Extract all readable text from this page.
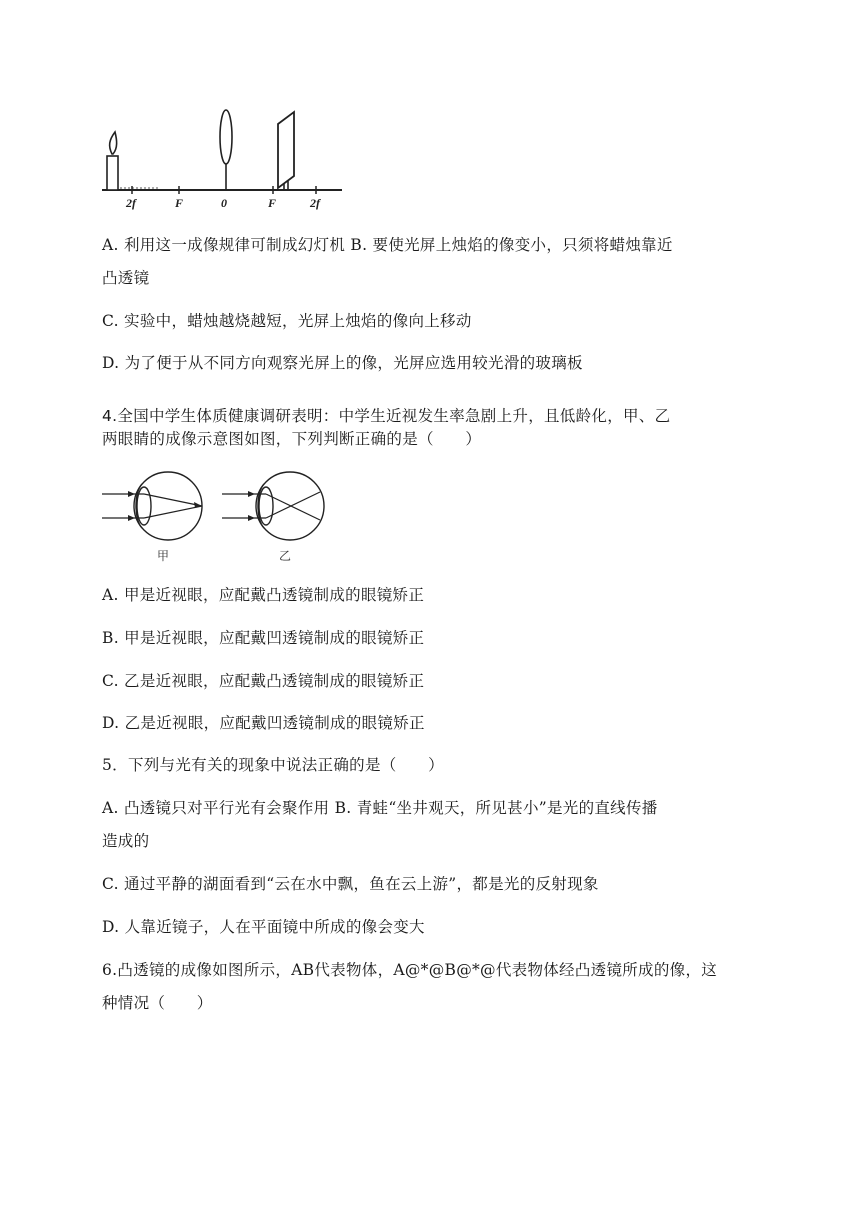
2f	F	0	F	2f
A. 利用这一成像规律可制成幻灯机 B. 要使光屏上烛焰的像变小，只须将蜡烛靠近
凸透镜
C. 实验中，蜡烛越烧越短，光屏上烛焰的像向上移动
D. 为了便于从不同方向观察光屏上的像，光屏应选用较光滑的玻璃板
4.全国中学生体质健康调研表明：中学生近视发生率急剧上升，且低龄化，甲、乙
两眼睛的成像示意图如图，下列判断正确的是（　　）
甲	乙
A. 甲是近视眼，应配戴凸透镜制成的眼镜矫正
B. 甲是近视眼，应配戴凹透镜制成的眼镜矫正
C. 乙是近视眼，应配戴凸透镜制成的眼镜矫正
D. 乙是近视眼，应配戴凹透镜制成的眼镜矫正
5．下列与光有关的现象中说法正确的是（　　）
A. 凸透镜只对平行光有会聚作用 B. 青蛙“坐井观天，所见甚小”是光的直线传播
造成的
C. 通过平静的湖面看到“云在水中飘，鱼在云上游”，都是光的反射现象
D. 人靠近镜子，人在平面镜中所成的像会变大
6.凸透镜的成像如图所示，AB代表物体，A@*@B@*@代表物体经凸透镜所成的像，这
种情况（　　）
